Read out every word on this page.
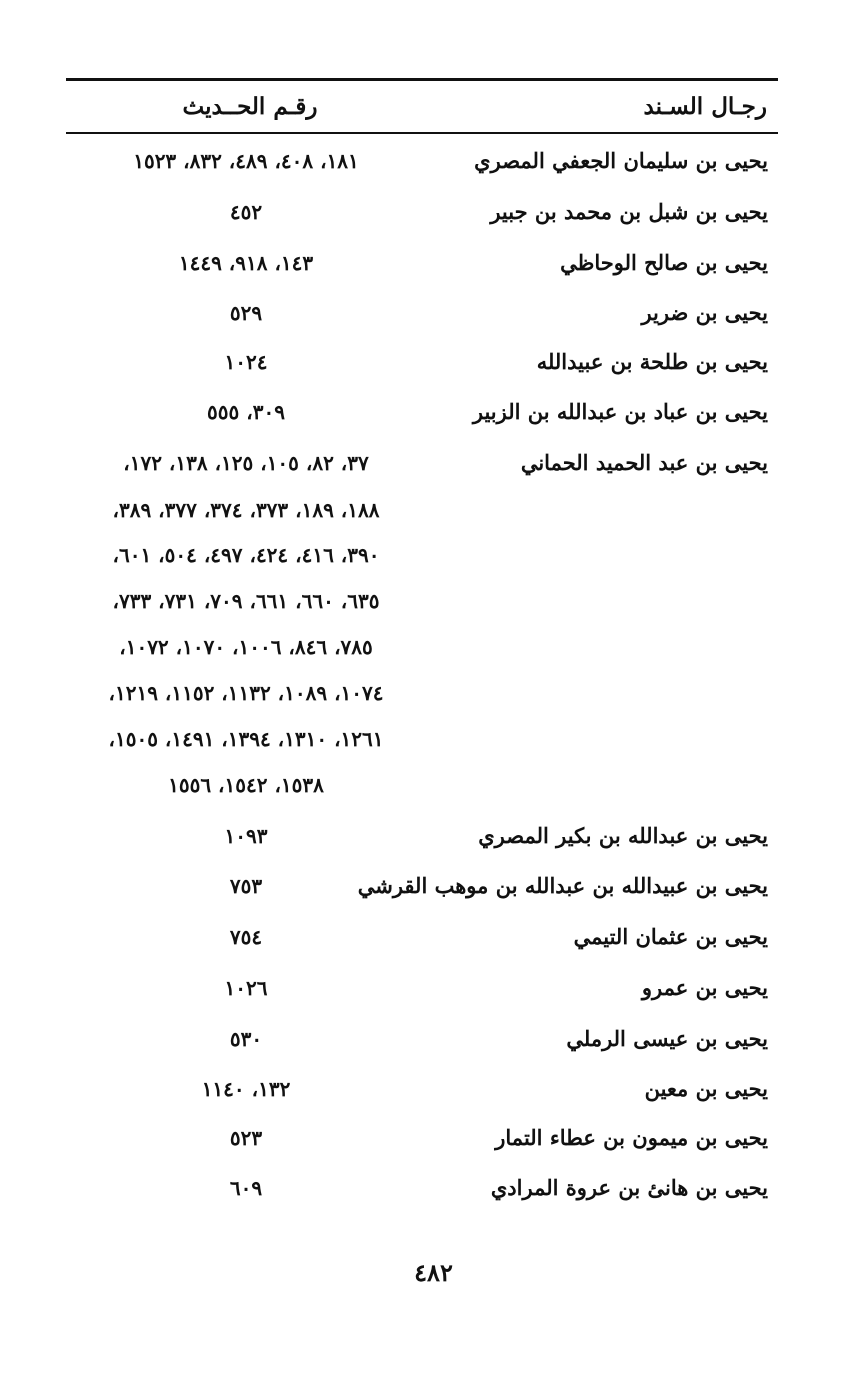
رجـال السـند
رقـم الحــديث
يحيى بن سليمان الجعفي المصري
١٨١، ٤٠٨، ٤٨٩، ٨٣٢، ١٥٢٣
يحيى بن شبل بن محمد بن جبير
٤٥٢
يحيى بن صالح الوحاظي
١٤٣، ٩١٨، ١٤٤٩
يحيى بن ضرير
٥٢٩
يحيى بن طلحة بن عبيدالله
١٠٢٤
يحيى بن عباد بن عبدالله بن الزبير
٣٠٩، ٥٥٥
يحيى بن عبد الحميد الحماني
٣٧، ٨٢، ١٠٥، ١٢٥، ١٣٨، ١٧٢،
١٨٨، ١٨٩، ٣٧٣، ٣٧٤، ٣٧٧، ٣٨٩،
٣٩٠، ٤١٦، ٤٢٤، ٤٩٧، ٥٠٤، ٦٠١،
٦٣٥، ٦٦٠، ٦٦١، ٧٠٩، ٧٣١، ٧٣٣،
٧٨٥، ٨٤٦، ١٠٠٦، ١٠٧٠، ١٠٧٢،
١٠٧٤، ١٠٨٩، ١١٣٢، ١١٥٢، ١٢١٩،
١٢٦١، ١٣١٠، ١٣٩٤، ١٤٩١، ١٥٠٥،
١٥٣٨، ١٥٤٢، ١٥٥٦
يحيى بن عبدالله بن بكير المصري
١٠٩٣
يحيى بن عبيدالله بن عبدالله بن موهب القرشي
٧٥٣
يحيى بن عثمان التيمي
٧٥٤
يحيى بن عمرو
١٠٢٦
يحيى بن عيسى الرملي
٥٣٠
يحيى بن معين
١٣٢، ١١٤٠
يحيى بن ميمون بن عطاء التمار
٥٢٣
يحيى بن هانئ بن عروة المرادي
٦٠٩
٤٨٢
